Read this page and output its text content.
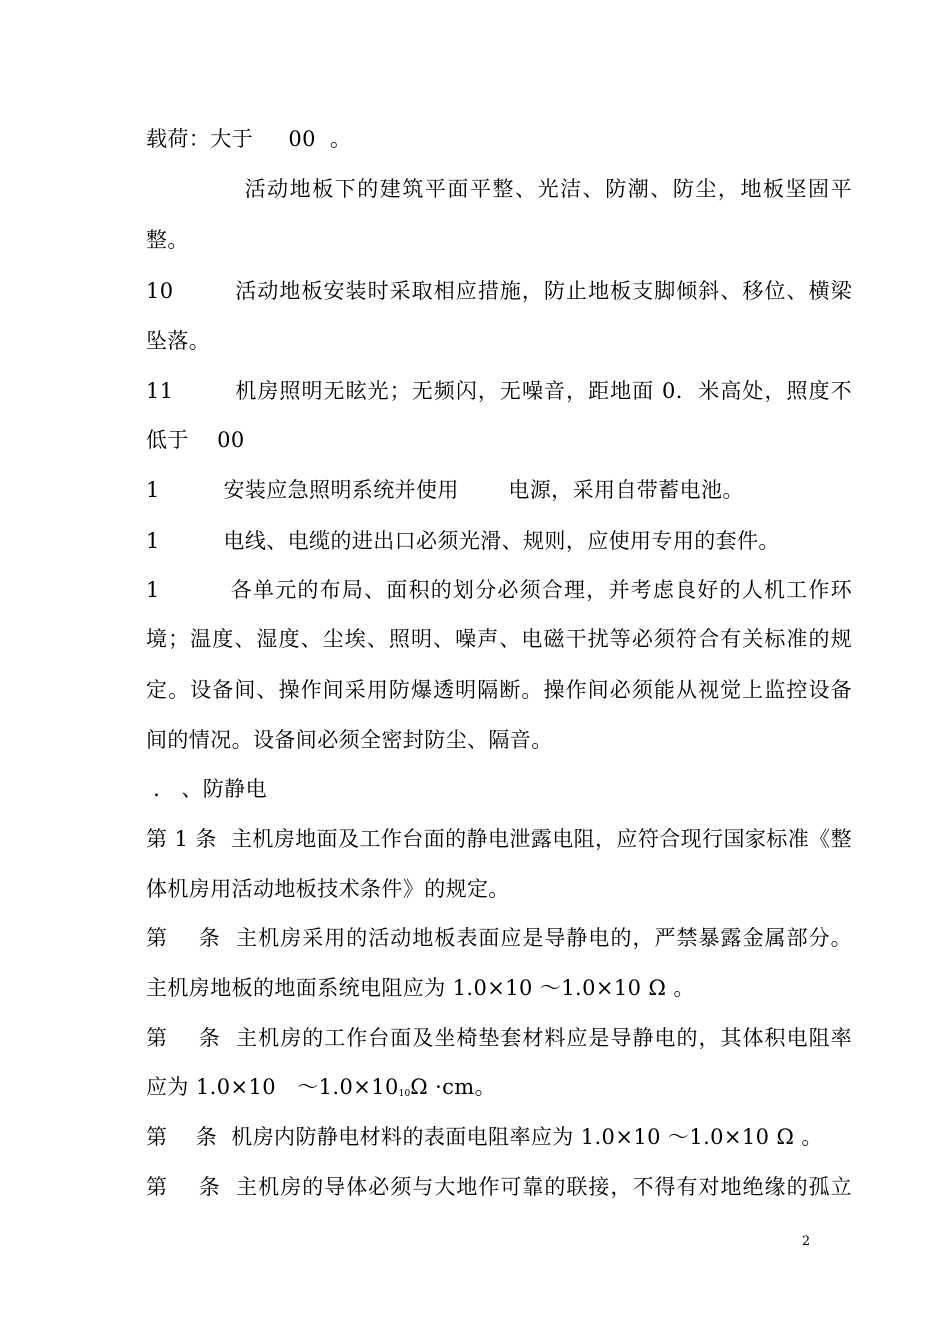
载荷：大于     00  。
活动地板下的建筑平面平整、光洁、防潮、防尘，地板坚固平
整。
10        活动地板安装时采取相应措施，防止地板支脚倾斜、移位、横梁
坠落。
11        机房照明无眩光；无频闪，无噪音，距地面 0.  米高处，照度不
低于    00
1         安装应急照明系统并使用       电源，采用自带蓄电池。
1         电线、电缆的进出口必须光滑、规则，应使用专用的套件。
1         各单元的布局、面积的划分必须合理，并考虑良好的人机工作环
境；温度、湿度、尘埃、照明、噪声、电磁干扰等必须符合有关标准的规
定。设备间、操作间采用防爆透明隔断。操作间必须能从视觉上监控设备
间的情况。设备间必须全密封防尘、隔音。
.   、防静电
第 1 条  主机房地面及工作台面的静电泄露电阻，应符合现行国家标准《整
体机房用活动地板技术条件》的规定。
第    条  主机房采用的活动地板表面应是导静电的，严禁暴露金属部分。
主机房地板的地面系统电阻应为 1.0×10 ～1.0×10 Ω 。
第    条  主机房的工作台面及坐椅垫套材料应是导静电的，其体积电阻率
应为 1.0×10   $\sim 1.0\times 10_{10}\Omega \cdot cm$。
第    条  机房内防静电材料的表面电阻率应为 1.0×10 ～1.0×10 Ω 。
第    条  主机房的导体必须与大地作可靠的联接，不得有对地绝缘的孤立
2
